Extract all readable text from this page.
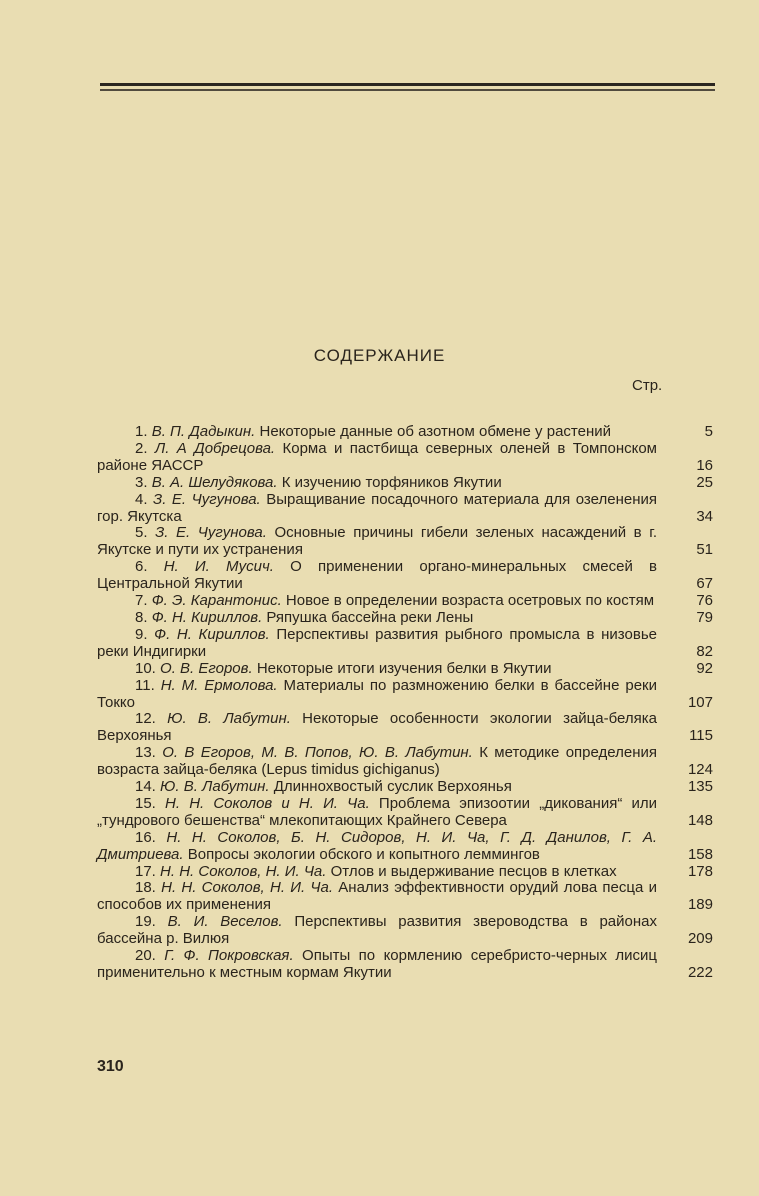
СОДЕРЖАНИЕ
Стр.
1. В. П. Дадыкин. Некоторые данные об азотном обмене у растений	5
2. Л. А Добрецова. Корма и пастбища северных оленей в Томпонском районе ЯАССР	16
3. В. А. Шелудякова. К изучению торфяников Якутии	25
4. З. Е. Чугунова. Выращивание посадочного материала для озеленения гор. Якутска	34
5. З. Е. Чугунова. Основные причины гибели зеленых насаждений в г. Якутске и пути их устранения	51
6. Н. И. Мусич. О применении органо-минеральных смесей в Центральной Якутии	67
7. Ф. Э. Карантонис. Новое в определении возраста осетровых по костям	76
8. Ф. Н. Кириллов. Ряпушка бассейна реки Лены	79
9. Ф. Н. Кириллов. Перспективы развития рыбного промысла в низовье реки Индигирки	82
10. О. В. Егоров. Некоторые итоги изучения белки в Якутии	92
11. Н. М. Ермолова. Материалы по размножению белки в бассейне реки Токко	107
12. Ю. В. Лабутин. Некоторые особенности экологии зайца-беляка Верхоянья	115
13. О. В Егоров, М. В. Попов, Ю. В. Лабутин. К методике определения возраста зайца-беляка (Lepus timidus gichiganus)	124
14. Ю. В. Лабутин. Длиннохвостый суслик Верхоянья	135
15. Н. Н. Соколов и Н. И. Ча. Проблема эпизоотии „дикования“ или „тундрового бешенства“ млекопитающих Крайнего Севера	148
16. Н. Н. Соколов, Б. Н. Сидоров, Н. И. Ча, Г. Д. Данилов, Г. А. Дмитриева. Вопросы экологии обского и копытного леммингов	158
17. Н. Н. Соколов, Н. И. Ча. Отлов и выдерживание песцов в клетках	178
18. Н. Н. Соколов, Н. И. Ча. Анализ эффективности орудий лова песца и способов их применения	189
19. В. И. Веселов. Перспективы развития звероводства в районах бассейна р. Вилюя	209
20. Г. Ф. Покровская. Опыты по кормлению серебристо-черных лисиц применительно к местным кормам Якутии	222
310
